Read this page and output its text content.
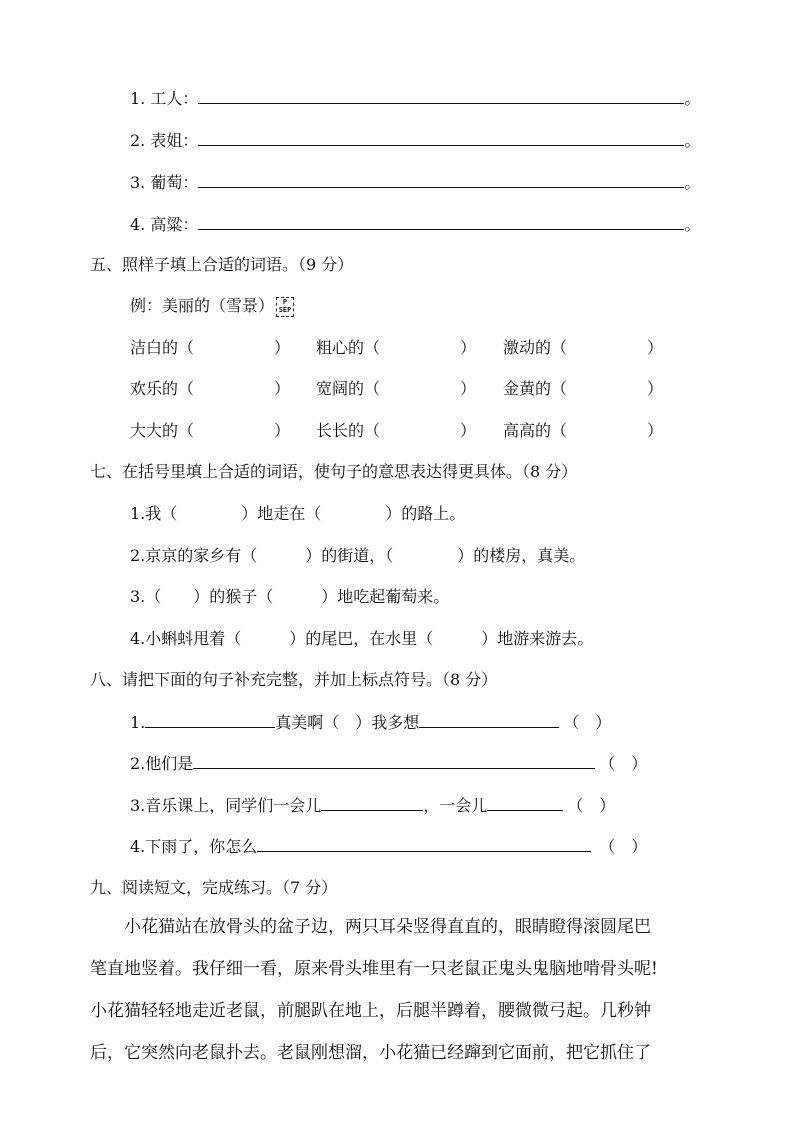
1. 工人：	。
2. 表姐：	。
3. 葡萄：	。
4. 高粱：	。
五、照样子填上合适的词语。（9 分）
例：美丽的（雪景）	P
SEP
洁白的（　　　　　） 粗心的（　　　　　） 激动的（　　　　　）
欢乐的（　　　　　） 宽阔的（　　　　　） 金黄的（　　　　　）
大大的（　　　　　） 长长的（　　　　　） 高高的（　　　　　）
七、在括号里填上合适的词语，使句子的意思表达得更具体。（8 分）
1.我（　　　　）地走在（　　　　）的路上。
2.京京的家乡有（　　　）的街道，（　　　　）的楼房，真美。
3.（　　）的猴子（　　　）地吃起葡萄来。
4.小蝌蚪甩着（　　　）的尾巴，在水里（　　　）地游来游去。
八、请把下面的句子补充完整，并加上标点符号。（8 分）
1.	真美啊（　）我多想	（　）
2.他们是	（　）
3.音乐课上，同学们一会儿	，一会儿	（　）
4.下雨了，你怎么	（　）
九、阅读短文，完成练习。（7 分）
　　小花猫站在放骨头的盆子边，两只耳朵竖得直直的，眼睛瞪得滚圆尾巴
笔直地竖着。我仔细一看，原来骨头堆里有一只老鼠正鬼头鬼脑地啃骨头呢!
小花猫轻轻地走近老鼠，前腿趴在地上，后腿半蹲着，腰微微弓起。几秒钟
后，它突然向老鼠扑去。老鼠刚想溜，小花猫已经蹿到它面前，把它抓住了
